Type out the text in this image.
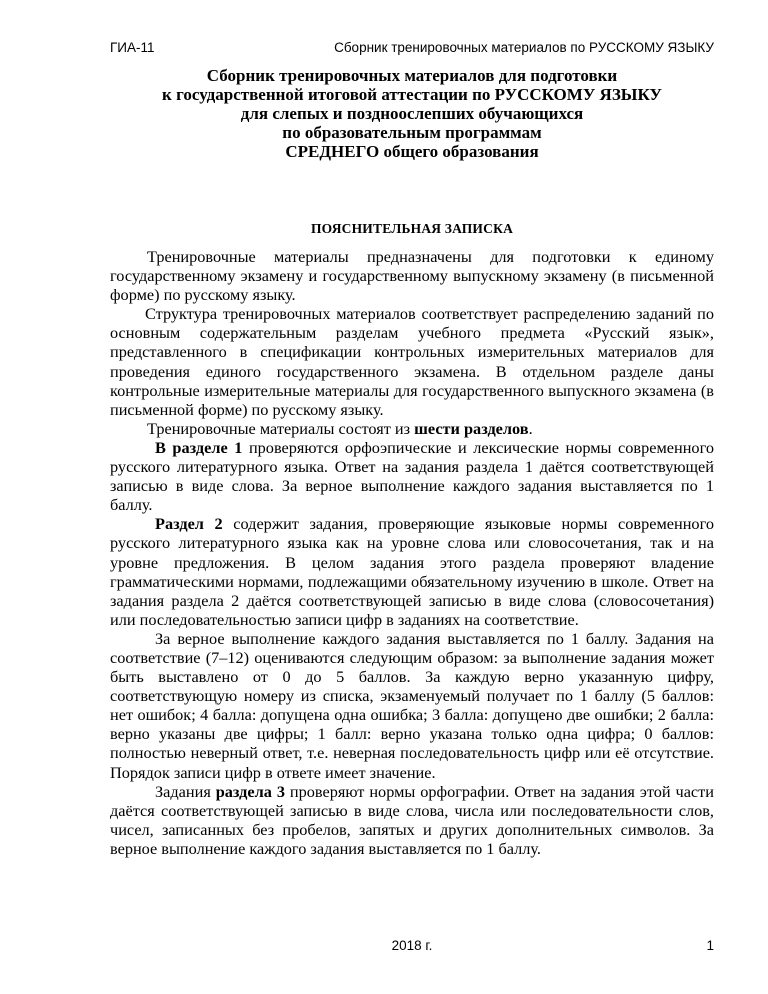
ГИА-11	Сборник тренировочных материалов по РУССКОМУ ЯЗЫКУ
Сборник тренировочных материалов для подготовки
к государственной итоговой аттестации по РУССКОМУ ЯЗЫКУ
для слепых и поздноослепших обучающихся
по образовательным программам
СРЕДНЕГО общего образования
ПОЯСНИТЕЛЬНАЯ ЗАПИСКА

Тренировочные материалы предназначены для подготовки к единому государственному экзамену и государственному выпускному экзамену (в письменной форме) по русскому языку.

Структура тренировочных материалов соответствует распределению заданий по основным содержательным разделам учебного предмета «Русский язык», представленного в спецификации контрольных измерительных материалов для проведения единого государственного экзамена. В отдельном разделе даны контрольные измерительные материалы для государственного выпускного экзамена (в письменной форме) по русскому языку.

Тренировочные материалы состоят из шести разделов.

В разделе 1 проверяются орфоэпические и лексические нормы современного русского литературного языка. Ответ на задания раздела 1 даётся соответствующей записью в виде слова. За верное выполнение каждого задания выставляется по 1 баллу.

Раздел 2 содержит задания, проверяющие языковые нормы современного русского литературного языка как на уровне слова или словосочетания, так и на уровне предложения. В целом задания этого раздела проверяют владение грамматическими нормами, подлежащими обязательному изучению в школе. Ответ на задания раздела 2 даётся соответствующей записью в виде слова (словосочетания) или последовательностью записи цифр в заданиях на соответствие.

За верное выполнение каждого задания выставляется по 1 баллу. Задания на соответствие (7–12) оцениваются следующим образом: за выполнение задания может быть выставлено от 0 до 5 баллов. За каждую верно указанную цифру, соответствующую номеру из списка, экзаменуемый получает по 1 баллу (5 баллов: нет ошибок; 4 балла: допущена одна ошибка; 3 балла: допущено две ошибки; 2 балла: верно указаны две цифры; 1 балл: верно указана только одна цифра; 0 баллов: полностью неверный ответ, т.е. неверная последовательность цифр или её отсутствие. Порядок записи цифр в ответе имеет значение.

Задания раздела 3 проверяют нормы орфографии. Ответ на задания этой части даётся соответствующей записью в виде слова, числа или последовательности слов, чисел, записанных без пробелов, запятых и других дополнительных символов. За верное выполнение каждого задания выставляется по 1 баллу.

2018 г.	1
